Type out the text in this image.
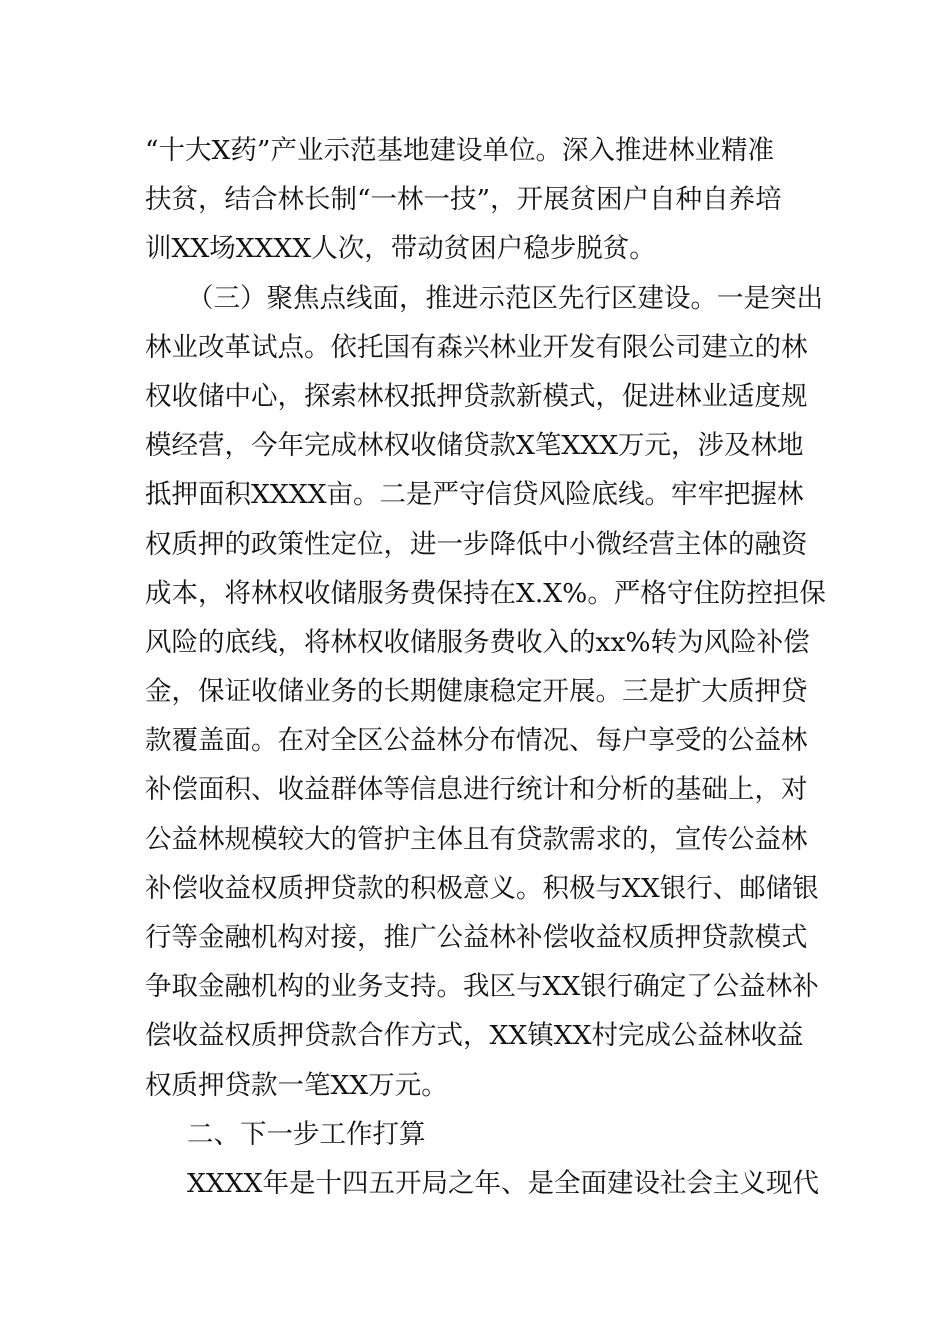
“十大X药”产业示范基地建设单位。深入推进林业精准
扶贫，结合林长制“一林一技”，开展贫困户自种自养培
训XX场XXXX人次，带动贫困户稳步脱贫。
（三）聚焦点线面，推进示范区先行区建设。一是突出
林业改革试点。依托国有森兴林业开发有限公司建立的林
权收储中心，探索林权抵押贷款新模式，促进林业适度规
模经营，今年完成林权收储贷款X笔XXX万元，涉及林地
抵押面积XXXX亩。二是严守信贷风险底线。牢牢把握林
权质押的政策性定位，进一步降低中小微经营主体的融资
成本，将林权收储服务费保持在X.X%。严格守住防控担保
风险的底线，将林权收储服务费收入的xx%转为风险补偿
金，保证收储业务的长期健康稳定开展。三是扩大质押贷
款覆盖面。在对全区公益林分布情况、每户享受的公益林
补偿面积、收益群体等信息进行统计和分析的基础上，对
公益林规模较大的管护主体且有贷款需求的，宣传公益林
补偿收益权质押贷款的积极意义。积极与XX银行、邮储银
行等金融机构对接，推广公益林补偿收益权质押贷款模式
争取金融机构的业务支持。我区与XX银行确定了公益林补
偿收益权质押贷款合作方式，XX镇XX村完成公益林收益
权质押贷款一笔XX万元。
二、下一步工作打算
XXXX年是十四五开局之年、是全面建设社会主义现代
